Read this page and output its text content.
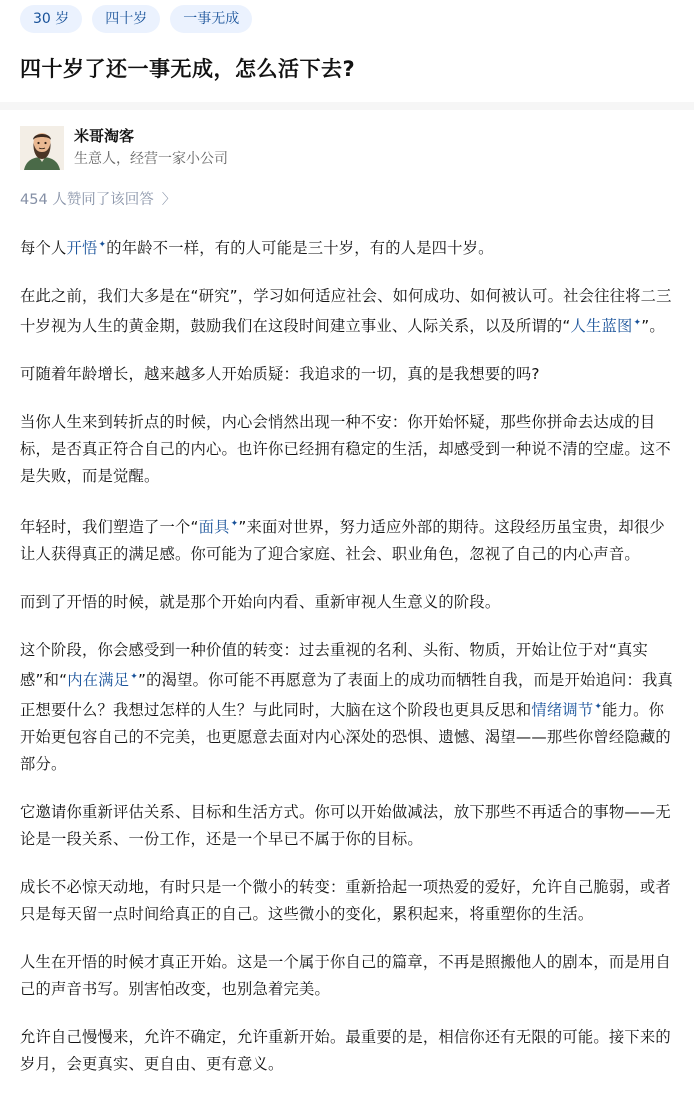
30 岁	四十岁	一事无成
四十岁了还一事无成，怎么活下去?
米哥淘客
生意人，经营一家小公司
454 人赞同了该回答 〉

每个人开悟✦的年龄不一样，有的人可能是三十岁，有的人是四十岁。

在此之前，我们大多是在“研究”，学习如何适应社会、如何成功、如何被认可。社会往往将二三十岁视为人生的黄金期，鼓励我们在这段时间建立事业、人际关系，以及所谓的“人生蓝图✦”。

可随着年龄增长，越来越多人开始质疑：我追求的一切，真的是我想要的吗?

当你人生来到转折点的时候，内心会悄然出现一种不安：你开始怀疑，那些你拼命去达成的目标，是否真正符合自己的内心。也许你已经拥有稳定的生活，却感受到一种说不清的空虚。这不是失败，而是觉醒。

年轻时，我们塑造了一个“面具✦”来面对世界，努力适应外部的期待。这段经历虽宝贵，却很少让人获得真正的满足感。你可能为了迎合家庭、社会、职业角色，忽视了自己的内心声音。

而到了开悟的时候，就是那个开始向内看、重新审视人生意义的阶段。

这个阶段，你会感受到一种价值的转变：过去重视的名利、头衔、物质，开始让位于对“真实感”和“内在满足✦”的渴望。你可能不再愿意为了表面上的成功而牺牲自我，而是开始追问：我真正想要什么？我想过怎样的人生？与此同时，大脑在这个阶段也更具反思和情绪调节✦能力。你开始更包容自己的不完美，也更愿意去面对内心深处的恐惧、遗憾、渴望——那些你曾经隐藏的部分。

它邀请你重新评估关系、目标和生活方式。你可以开始做减法，放下那些不再适合的事物——无论是一段关系、一份工作，还是一个早已不属于你的目标。

成长不必惊天动地，有时只是一个微小的转变：重新拾起一项热爱的爱好，允许自己脆弱，或者只是每天留一点时间给真正的自己。这些微小的变化，累积起来，将重塑你的生活。

人生在开悟的时候才真正开始。这是一个属于你自己的篇章，不再是照搬他人的剧本，而是用自己的声音书写。别害怕改变，也别急着完美。

允许自己慢慢来，允许不确定，允许重新开始。最重要的是，相信你还有无限的可能。接下来的岁月，会更真实、更自由、更有意义。
